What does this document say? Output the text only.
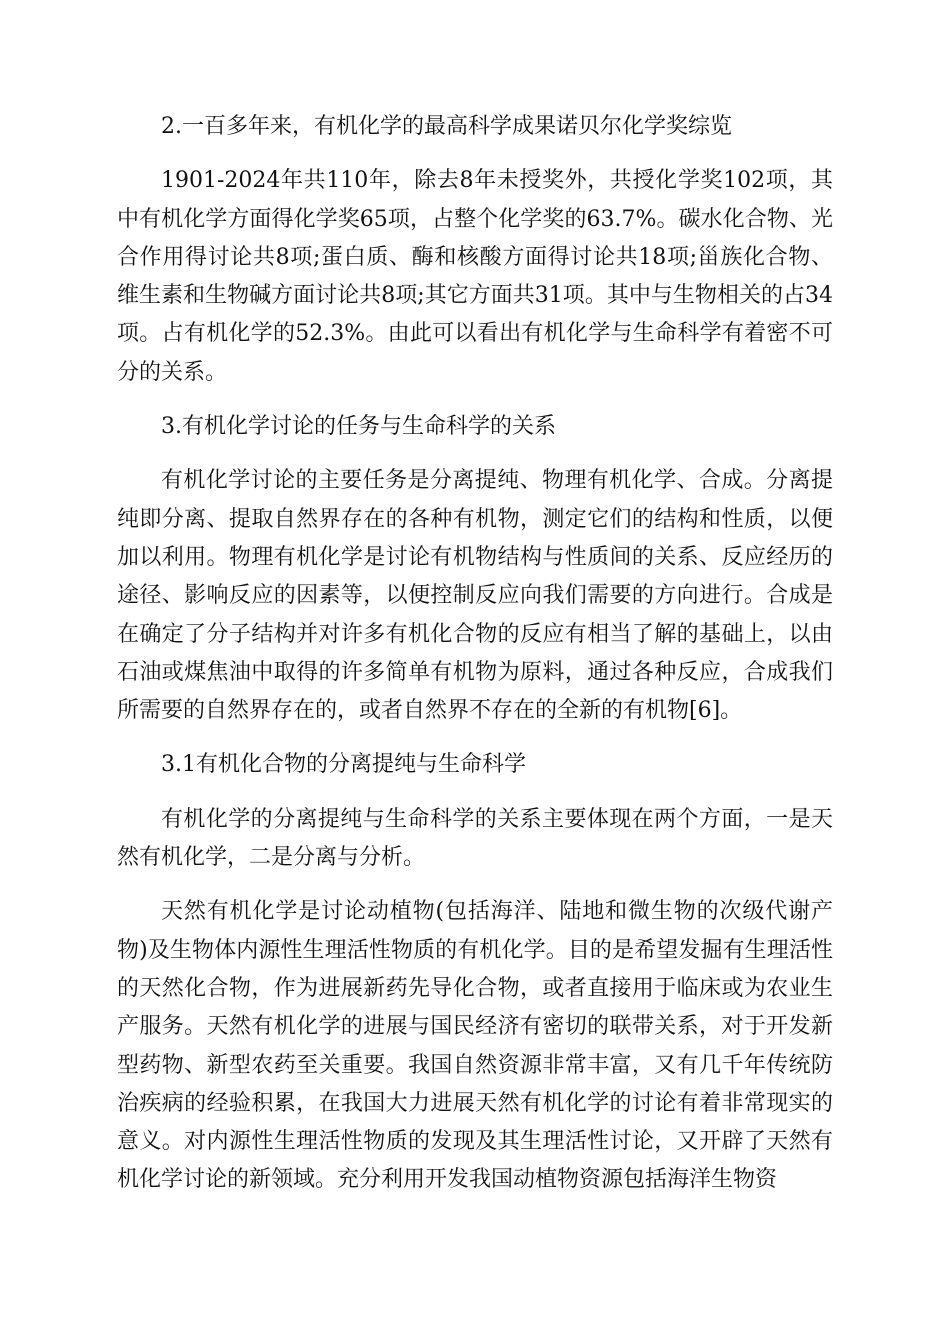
2.一百多年来，有机化学的最高科学成果诺贝尔化学奖综览

1901-2024年共110年，除去8年未授奖外，共授化学奖102项，其中有机化学方面得化学奖65项，占整个化学奖的63.7%。碳水化合物、光合作用得讨论共8项;蛋白质、酶和核酸方面得讨论共18项;甾族化合物、维生素和生物碱方面讨论共8项;其它方面共31项。其中与生物相关的占34项。占有机化学的52.3%。由此可以看出有机化学与生命科学有着密不可分的关系。

3.有机化学讨论的任务与生命科学的关系

有机化学讨论的主要任务是分离提纯、物理有机化学、合成。分离提纯即分离、提取自然界存在的各种有机物，测定它们的结构和性质，以便加以利用。物理有机化学是讨论有机物结构与性质间的关系、反应经历的途径、影响反应的因素等，以便控制反应向我们需要的方向进行。合成是在确定了分子结构并对许多有机化合物的反应有相当了解的基础上，以由石油或煤焦油中取得的许多简单有机物为原料，通过各种反应，合成我们所需要的自然界存在的，或者自然界不存在的全新的有机物[6]。

3.1有机化合物的分离提纯与生命科学

有机化学的分离提纯与生命科学的关系主要体现在两个方面，一是天然有机化学，二是分离与分析。

天然有机化学是讨论动植物(包括海洋、陆地和微生物的次级代谢产物)及生物体内源性生理活性物质的有机化学。目的是希望发掘有生理活性的天然化合物，作为进展新药先导化合物，或者直接用于临床或为农业生产服务。天然有机化学的进展与国民经济有密切的联带关系，对于开发新型药物、新型农药至关重要。我国自然资源非常丰富，又有几千年传统防治疾病的经验积累，在我国大力进展天然有机化学的讨论有着非常现实的意义。对内源性生理活性物质的发现及其生理活性讨论，又开辟了天然有机化学讨论的新领域。充分利用开发我国动植物资源包括海洋生物资
